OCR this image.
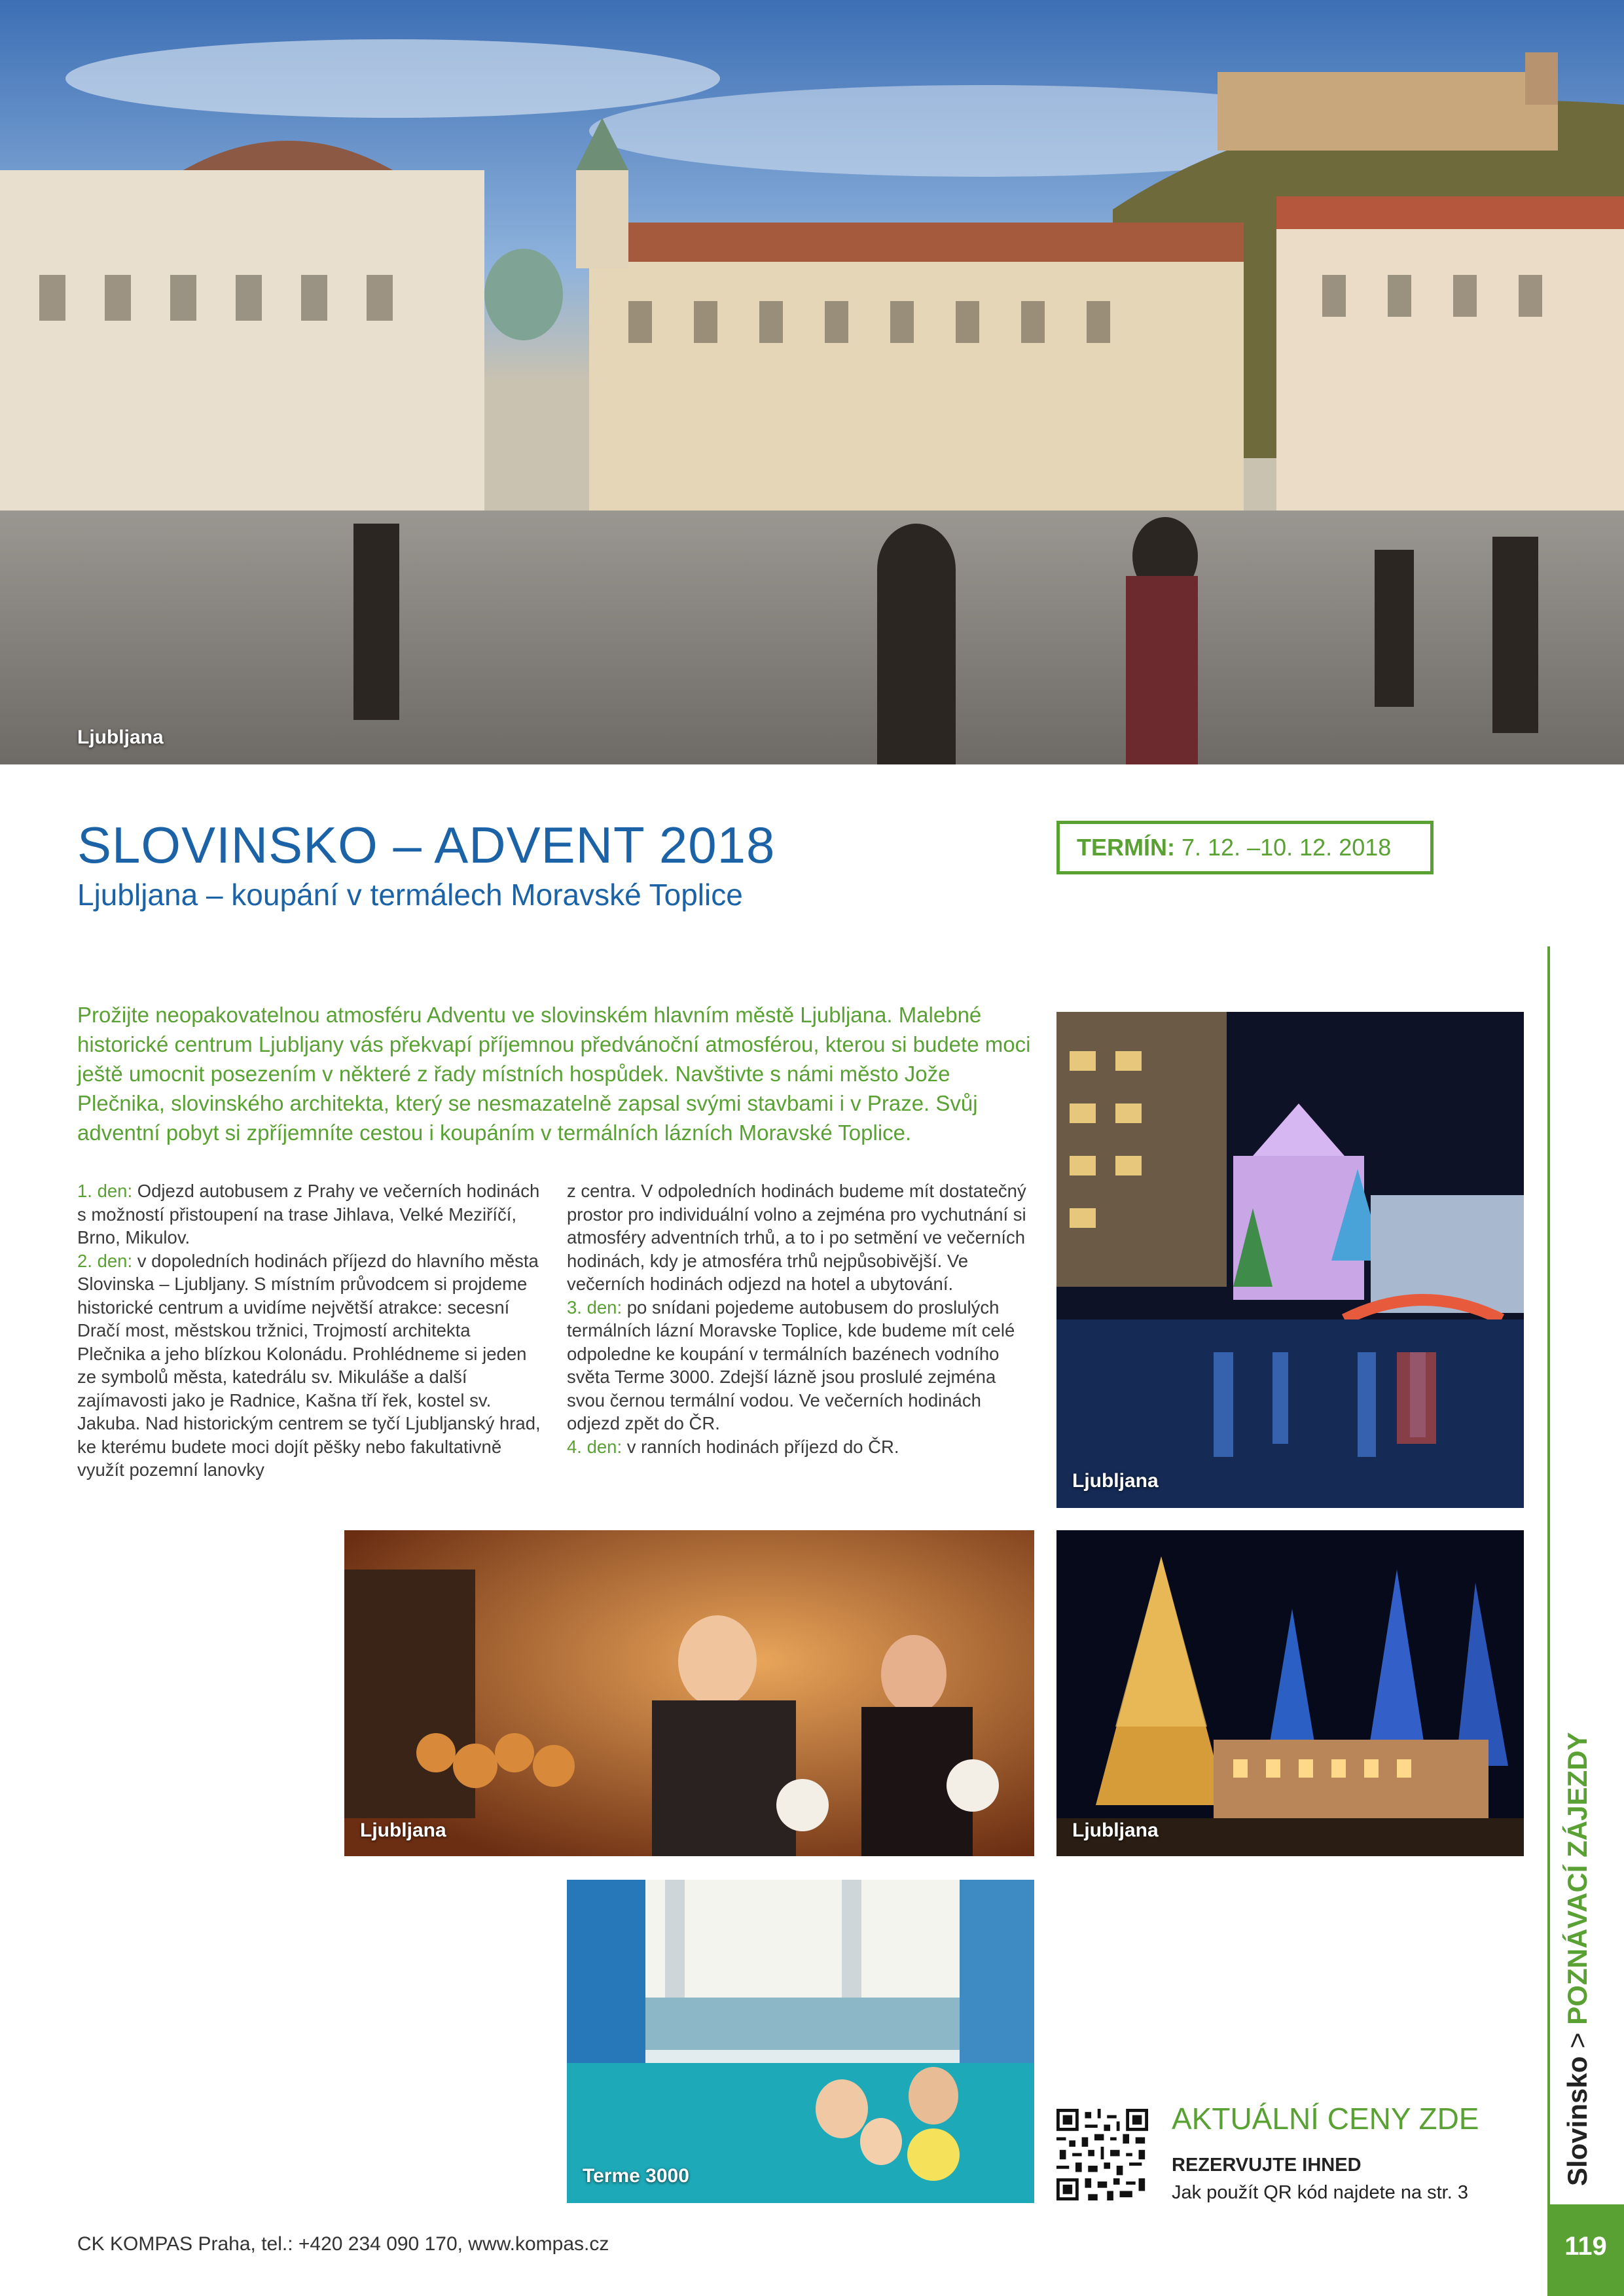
Ljubljana
SLOVINSKO – ADVENT 2018
Ljubljana – koupání v termálech Moravské Toplice
TERMÍN: 7. 12. –10. 12. 2018
Prožijte neopakovatelnou atmosféru Adventu ve slovinském hlavním městě Ljubljana. Malebné historické centrum Ljubljany vás překvapí příjemnou předvánoční atmosférou, kterou si budete moci ještě umocnit posezením v některé z řady místních hospůdek. Navštivte s námi město Jože Plečnika, slovinského architekta, který se nesmazatelně zapsal svými stavbami i v Praze. Svůj adventní pobyt si zpříjemníte cestou i koupáním v termálních lázních Moravské Toplice.
1. den: Odjezd autobusem z Prahy ve večerních hodinách s možností přistoupení na trase Jihlava, Velké Meziříčí, Brno, Mikulov.
2. den: v dopoledních hodinách příjezd do hlavního města Slovinska – Ljubljany. S místním průvodcem si projdeme historické centrum a uvidíme největší atrakce: secesní Dračí most, městskou tržnici, Trojmostí architekta Plečnika a jeho blízkou Kolonádu. Prohlédneme si jeden ze symbolů města, katedrálu sv. Mikuláše a další zajímavosti jako je Radnice, Kašna tří řek, kostel sv. Jakuba. Nad historickým centrem se tyčí Ljubljanský hrad, ke kterému budete moci dojít pěšky nebo fakultativně využít pozemní lanovky
z centra. V odpoledních hodinách budeme mít dostatečný prostor pro individuální volno a zejména pro vychutnání si atmosféry adventních trhů, a to i po setmění ve večerních hodinách, kdy je atmosféra trhů nejpůsobivější. Ve večerních hodinách odjezd na hotel a ubytování.
3. den: po snídani pojedeme autobusem do proslulých termálních lázní Moravske Toplice, kde budeme mít celé odpoledne ke koupání v termálních bazénech vodního světa Terme 3000. Zdejší lázně jsou proslulé zejména svou černou termální vodou. Ve večerních hodinách odjezd zpět do ČR.
4. den: v ranních hodinách příjezd do ČR.
Ljubljana
Ljubljana	Ljubljana
Terme 3000
AKTUÁLNÍ CENY ZDE
REZERVUJTE IHNED
Jak použít QR kód najdete na str. 3
Slovinsko > POZNÁVACÍ ZÁJEZDY
119
CK KOMPAS Praha, tel.: +420 234 090 170, www.kompas.cz
